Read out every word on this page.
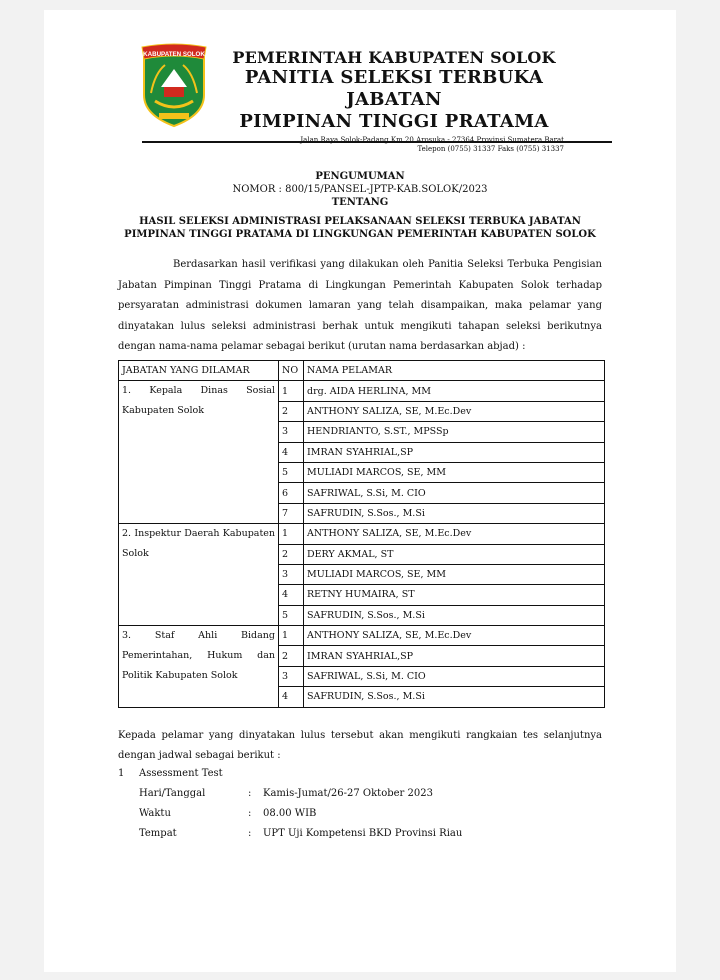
KABUPATEN SOLOK	PEMERINTAH KABUPATEN SOLOK
PANITIA SELEKSI TERBUKA JABATAN
PIMPINAN TINGGI PRATAMA
Jalan Raya Solok-Padang Km 20 Arosuka - 27364 Provinsi Sumatera Barat
Telepon (0755) 31337 Faks (0755) 31337
PENGUMUMAN
NOMOR : 800/15/PANSEL-JPTP-KAB.SOLOK/2023
TENTANG
HASIL SELEKSI ADMINISTRASI PELAKSANAAN SELEKSI TERBUKA JABATAN
PIMPINAN TINGGI PRATAMA DI LINGKUNGAN PEMERINTAH KABUPATEN SOLOK
Berdasarkan hasil verifikasi yang dilakukan oleh Panitia Seleksi Terbuka Pengisian Jabatan Pimpinan Tinggi Pratama di Lingkungan Pemerintah Kabupaten Solok terhadap persyaratan administrasi dokumen lamaran yang telah disampaikan, maka pelamar yang dinyatakan lulus seleksi administrasi berhak untuk mengikuti tahapan seleksi berikutnya dengan nama-nama pelamar sebagai berikut (urutan nama berdasarkan abjad) :
JABATAN YANG DILAMAR	NO	NAMA PELAMAR
1. Kepala Dinas Sosial Kabupaten Solok	1	drg. AIDA HERLINA, MM
	2	ANTHONY SALIZA, SE, M.Ec.Dev
	3	HENDRIANTO, S.ST., MPSSp
	4	IMRAN SYAHRIAL,SP
	5	MULIADI MARCOS, SE, MM
	6	SAFRIWAL, S.Si, M. CIO
	7	SAFRUDIN, S.Sos., M.Si
2. Inspektur Daerah Kabupaten Solok	1	ANTHONY SALIZA, SE, M.Ec.Dev
	2	DERY AKMAL, ST
	3	MULIADI MARCOS, SE, MM
	4	RETNY HUMAIRA, ST
	5	SAFRUDIN, S.Sos., M.Si
3. Staf Ahli Bidang Pemerintahan, Hukum dan Politik Kabupaten Solok	1	ANTHONY SALIZA, SE, M.Ec.Dev
	2	IMRAN SYAHRIAL,SP
	3	SAFRIWAL, S.Si, M. CIO
	4	SAFRUDIN, S.Sos., M.Si
Kepada pelamar yang dinyatakan lulus tersebut akan mengikuti rangkaian tes selanjutnya dengan jadwal sebagai berikut :
1 Assessment Test
Hari/Tanggal	: Kamis-Jumat/26-27 Oktober 2023
Waktu	: 08.00 WIB
Tempat	: UPT Uji Kompetensi BKD Provinsi Riau
